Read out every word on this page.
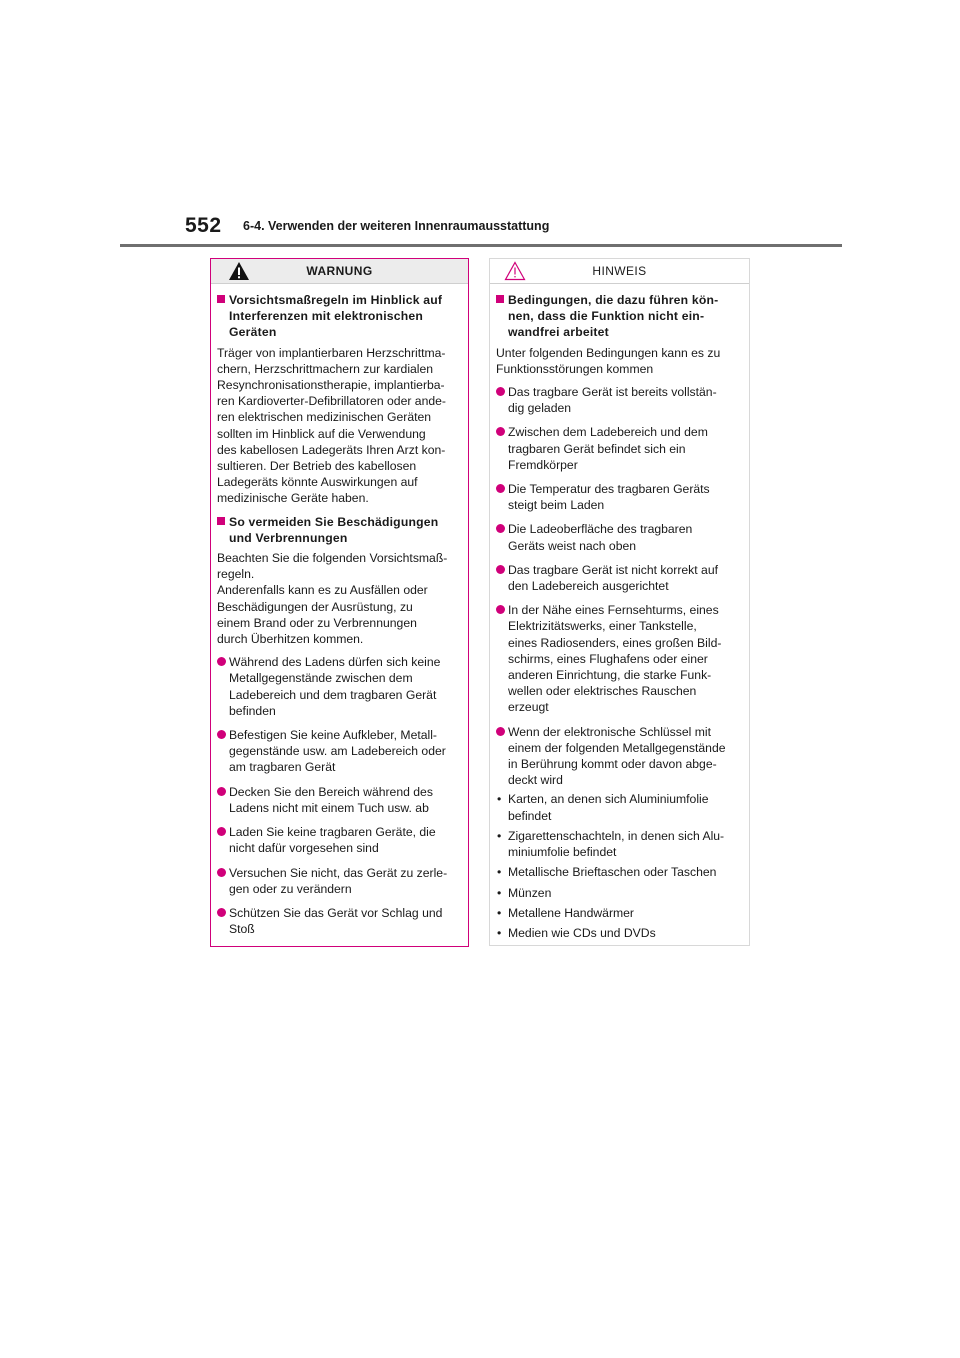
552 6-4. Verwenden der weiteren Innenraumausstattung
WARNUNG
Vorsichtsmaßregeln im Hinblick auf
Interferenzen mit elektronischen
Geräten
Träger von implantierbaren Herzschrittma-
chern, Herzschrittmachern zur kardialen
Resynchronisationstherapie, implantierba-
ren Kardioverter-Defibrillatoren oder ande-
ren elektrischen medizinischen Geräten
sollten im Hinblick auf die Verwendung
des kabellosen Ladegeräts Ihren Arzt kon-
sultieren. Der Betrieb des kabellosen
Ladegeräts könnte Auswirkungen auf
medizinische Geräte haben.
So vermeiden Sie Beschädigungen
und Verbrennungen
Beachten Sie die folgenden Vorsichtsmaß-
regeln.
Anderenfalls kann es zu Ausfällen oder
Beschädigungen der Ausrüstung, zu
einem Brand oder zu Verbrennungen
durch Überhitzen kommen.
Während des Ladens dürfen sich keine
Metallgegenstände zwischen dem
Ladebereich und dem tragbaren Gerät
befinden
Befestigen Sie keine Aufkleber, Metall-
gegenstände usw. am Ladebereich oder
am tragbaren Gerät
Decken Sie den Bereich während des
Ladens nicht mit einem Tuch usw. ab
Laden Sie keine tragbaren Geräte, die
nicht dafür vorgesehen sind
Versuchen Sie nicht, das Gerät zu zerle-
gen oder zu verändern
Schützen Sie das Gerät vor Schlag und
Stoß
HINWEIS
Bedingungen, die dazu führen kön-
nen, dass die Funktion nicht ein-
wandfrei arbeitet
Unter folgenden Bedingungen kann es zu
Funktionsstörungen kommen
Das tragbare Gerät ist bereits vollstän-
dig geladen
Zwischen dem Ladebereich und dem
tragbaren Gerät befindet sich ein
Fremdkörper
Die Temperatur des tragbaren Geräts
steigt beim Laden
Die Ladeoberfläche des tragbaren
Geräts weist nach oben
Das tragbare Gerät ist nicht korrekt auf
den Ladebereich ausgerichtet
In der Nähe eines Fernsehturms, eines
Elektrizitätswerks, einer Tankstelle,
eines Radiosenders, eines großen Bild-
schirms, eines Flughafens oder einer
anderen Einrichtung, die starke Funk-
wellen oder elektrisches Rauschen
erzeugt
Wenn der elektronische Schlüssel mit
einem der folgenden Metallgegenstände
in Berührung kommt oder davon abge-
deckt wird
• Karten, an denen sich Aluminiumfolie
befindet
• Zigarettenschachteln, in denen sich Alu-
miniumfolie befindet
• Metallische Brieftaschen oder Taschen
• Münzen
• Metallene Handwärmer
• Medien wie CDs und DVDs
